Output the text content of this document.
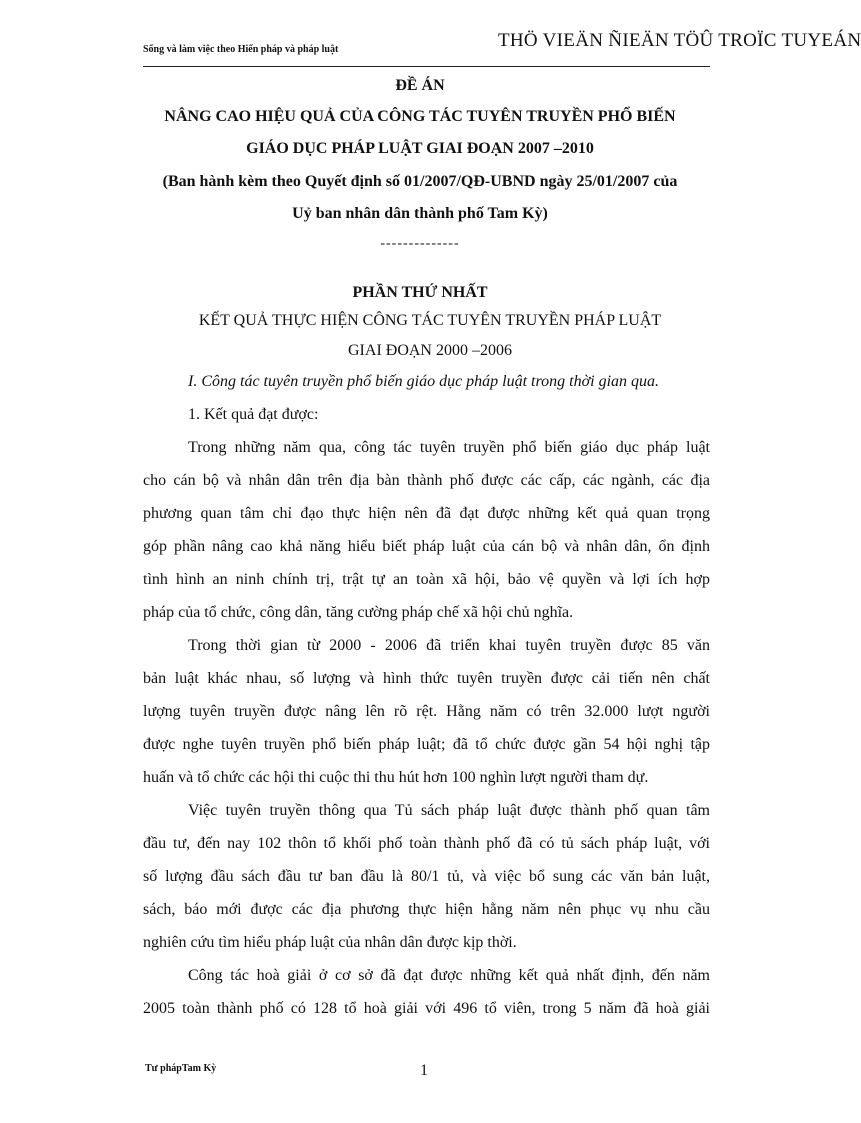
Sống và làm việc theo Hiến pháp và pháp luật	THÖ VIEÄN ÑIEÄN TÖÛ TROÏC TUYEÁN
ĐỀ ÁN
NÂNG CAO HIỆU QUẢ CỦA CÔNG TÁC TUYÊN TRUYỀN PHỔ BIẾN
GIÁO DỤC PHÁP LUẬT GIAI ĐOẠN 2007 –2010
(Ban hành kèm theo Quyết định số 01/2007/QĐ-UBND ngày 25/01/2007 của
Uỷ ban nhân dân thành phố Tam Kỳ)
--------------
PHẦN THỨ NHẤT
KẾT QUẢ THỰC HIỆN CÔNG TÁC TUYÊN TRUYỀN PHÁP LUẬT
GIAI ĐOẠN 2000 –2006
I. Công tác tuyên truyền phổ biến giáo dục pháp luật trong thời gian qua.
1. Kết quả đạt được:
Trong những năm qua, công tác tuyên truyền phổ biến giáo dục pháp luật
cho cán bộ và nhân dân trên địa bàn thành phố được các cấp, các ngành, các địa
phương quan tâm chỉ đạo thực hiện nên đã đạt được những kết quả quan trọng
góp phần nâng cao khả năng hiểu biết pháp luật của cán bộ và nhân dân, ổn định
tình hình an ninh chính trị, trật tự an toàn xã hội, bảo vệ quyền và lợi ích hợp
pháp của tổ chức, công dân, tăng cường pháp chế xã hội chủ nghĩa.
Trong thời gian từ 2000 - 2006 đã triển khai tuyên truyền được 85 văn
bản luật khác nhau, số lượng và hình thức tuyên truyền được cải tiến nên chất
lượng tuyên truyền được nâng lên rõ rệt. Hằng năm có trên 32.000 lượt người
được nghe tuyên truyền phổ biến pháp luật; đã tổ chức được gần 54 hội nghị tập
huấn và tổ chức các hội thi cuộc thi thu hút hơn 100 nghìn lượt người tham dự.
Việc tuyên truyền thông qua Tủ sách pháp luật được thành phố quan tâm
đầu tư, đến nay 102 thôn tổ khối phố toàn thành phố đã có tủ sách pháp luật, với
số lượng đầu sách đầu tư ban đầu là 80/1 tủ, và việc bổ sung các văn bản luật,
sách, báo mới được các địa phương thực hiện hằng năm nên phục vụ nhu cầu
nghiên cứu tìm hiểu pháp luật của nhân dân được kịp thời.
Công tác hoà giải ở cơ sở đã đạt được những kết quả nhất định, đến năm
2005 toàn thành phố có 128 tổ hoà giải với 496 tổ viên, trong 5 năm đã hoà giải
Tư phápTam Kỳ	1
